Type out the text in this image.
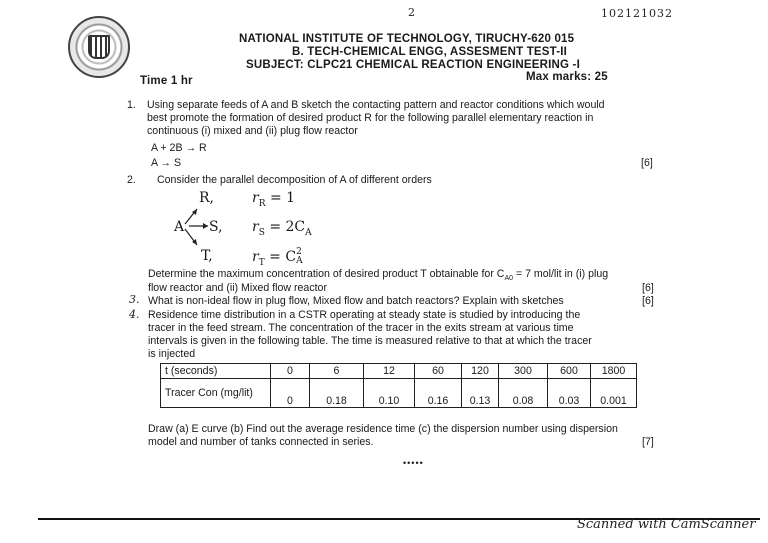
2	102121032
NATIONAL INSTITUTE OF TECHNOLOGY, TIRUCHY-620 015
B. TECH-CHEMICAL ENGG, ASSESMENT TEST-II
SUBJECT: CLPC21 CHEMICAL REACTION ENGINEERING -I
Time 1 hr	Max marks: 25
1. Using separate feeds of A and B sketch the contacting pattern and reactor conditions which would
best promote the formation of desired product R for the following parallel elementary reaction in
continuous (i) mixed and (ii) plug flow reactor
A + 2B → R
A → S	[6]
2. Consider the parallel decomposition of A of different orders
R,
A S,
T,
$r_R = 1$
$r_S = 2C_A$
$r_T = C$ 2
A
Determine the maximum concentration of desired product T obtainable for $C_{A0} = 7$ mol/lit in (i) plug
flow reactor and (ii) Mixed flow reactor	[6]
3. What is non-ideal flow in plug flow, Mixed flow and batch reactors? Explain with sketches	[6]
4. Residence time distribution in a CSTR operating at steady state is studied by introducing the
tracer in the feed stream. The concentration of the tracer in the exits stream at various time
intervals is given in the following table. The time is measured relative to that at which the tracer
is injected
t (seconds)	0	6	12	60	120	300	600	1800
Tracer Con (mg/lit)	0	0.18	0.10	0.16	0.13	0.08	0.03	0.001
Draw (a) E curve (b) Find out the average residence time (c) the dispersion number using dispersion
model and number of tanks connected in series.	[7]
•••••
Scanned with CamScanner
